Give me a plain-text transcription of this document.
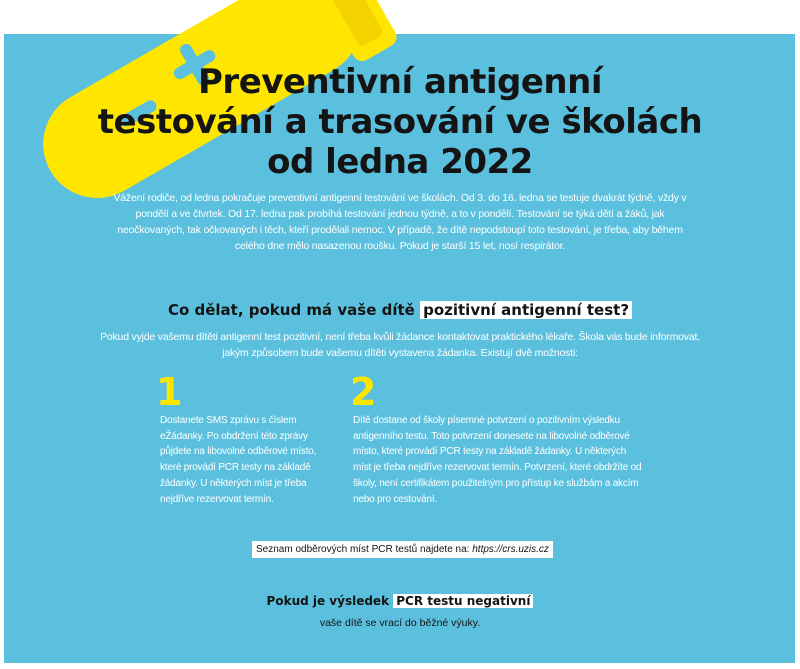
Preventivní antigenní
testování a trasování ve školách
od ledna 2022

Vážení rodiče, od ledna pokračuje preventivní antigenní testování ve školách. Od 3. do 16. ledna se testuje dvakrát týdně, vždy v pondělí a ve čtvrtek. Od 17. ledna pak probíhá testování jednou týdně, a to v pondělí. Testování se týká dětí a žáků, jak neočkovaných, tak očkovaných i těch, kteří prodělali nemoc. V případě, že dítě nepodstoupí toto testování, je třeba, aby během celého dne mělo nasazenou roušku. Pokud je starší 15 let, nosí respirátor.

Co dělat, pokud má vaše dítě pozitivní antigenní test?

Pokud vyjde vašemu dítěti antigenní test pozitivní, není třeba kvůli žádance kontaktovat praktického lékaře. Škola vás bude informovat, jakým způsobem bude vašemu dítěti vystavena žádanka. Existují dvě možnosti:

1

Dostanete SMS zprávu s číslem eŽádanky. Po obdržení této zprávy půjdete na libovolné odběrové místo, které provádí PCR testy na základě žádanky. U některých míst je třeba nejdříve rezervovat termín.

2

Dítě dostane od školy písemné potvrzení o pozitivním výsledku antigenního testu. Toto potvrzení donesete na libovolné odběrové místo, které provádí PCR testy na základě žádanky. U některých míst je třeba nejdříve rezervovat termín. Potvrzení, které obdržíte od školy, není certifikátem použitelným pro přístup ke službám a akcím nebo pro cestování.

Seznam odběrových míst PCR testů najdete na: https://crs.uzis.cz
Pokud je výsledek PCR testu negativní

vaše dítě se vrací do běžné výuky.
